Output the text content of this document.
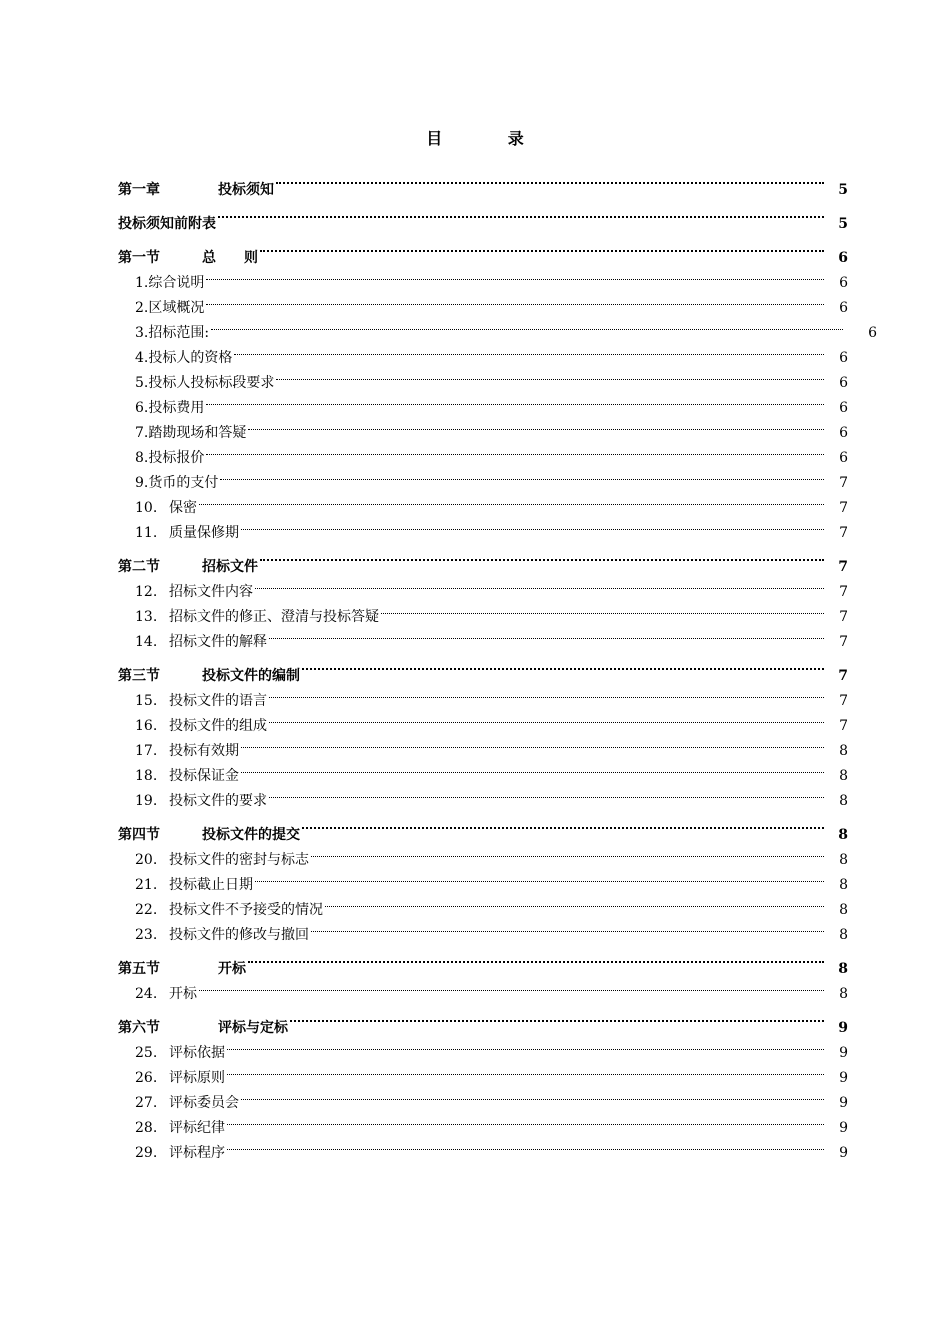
目 录
第一章	投标须知	5
投标须知前附表	5
第一节	总　　则	6
1. 综合说明	6
2. 区域概况	6
3. 招标范围:	6
4. 投标人的资格	6
5. 投标人投标标段要求	6
6. 投标费用	6
7. 踏勘现场和答疑	6
8. 投标报价	6
9. 货币的支付	7
10. 保密	7
11. 质量保修期	7
第二节	招标文件	7
12. 招标文件内容	7
13. 招标文件的修正、澄清与投标答疑	7
14. 招标文件的解释	7
第三节	投标文件的编制	7
15. 投标文件的语言	7
16. 投标文件的组成	7
17. 投标有效期	8
18. 投标保证金	8
19. 投标文件的要求	8
第四节	投标文件的提交	8
20. 投标文件的密封与标志	8
21. 投标截止日期	8
22. 投标文件不予接受的情况	8
23. 投标文件的修改与撤回	8
第五节	开标	8
24. 开标	8
第六节	评标与定标	9
25. 评标依据	9
26. 评标原则	9
27. 评标委员会	9
28. 评标纪律	9
29. 评标程序	9
